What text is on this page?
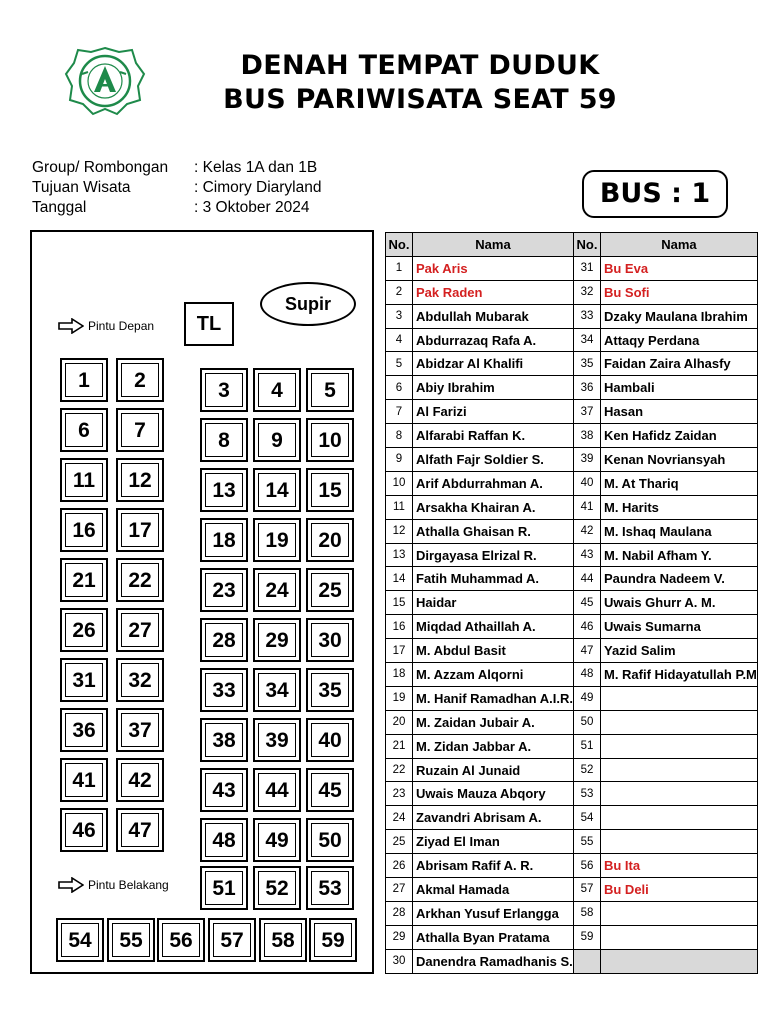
DENAH TEMPAT DUDUK
BUS PARIWISATA SEAT 59
Group/ Rombongan	: Kelas 1A dan 1B
Tujuan Wisata	: Cimory Diaryland
Tanggal	: 3 Oktober 2024	BUS : 1
Supir
TL
Pintu Depan
Pintu Belakang
1	2	3	4	5
6	7	8	9	10
11	12	13	14	15
16	17	18	19	20
21	22	23	24	25
26	27	28	29	30
31	32	33	34	35
36	37	38	39	40
41	42	43	44	45
46	47	48	49	50
51	52	53
54	55	56	57	58	59
No.	Nama	No.	Nama
1	Pak Aris	31	Bu Eva
2	Pak Raden	32	Bu Sofi
3	Abdullah Mubarak	33	Dzaky Maulana Ibrahim
4	Abdurrazaq Rafa A.	34	Attaqy Perdana
5	Abidzar Al Khalifi	35	Faidan Zaira Alhasfy
6	Abiy Ibrahim	36	Hambali
7	Al Farizi	37	Hasan
8	Alfarabi Raffan K.	38	Ken Hafidz Zaidan
9	Alfath Fajr Soldier S.	39	Kenan Novriansyah
10	Arif Abdurrahman A.	40	M. At Thariq
11	Arsakha Khairan A.	41	M. Harits
12	Athalla Ghaisan R.	42	M. Ishaq Maulana
13	Dirgayasa Elrizal R.	43	M. Nabil Afham Y.
14	Fatih Muhammad A.	44	Paundra Nadeem V.
15	Haidar	45	Uwais Ghurr A. M.
16	Miqdad Athaillah A.	46	Uwais Sumarna
17	M. Abdul Basit	47	Yazid Salim
18	M. Azzam Alqorni	48	M. Rafif Hidayatullah P.M
19	M. Hanif Ramadhan A.I.R.	49	
20	M. Zaidan Jubair A.	50	
21	M. Zidan Jabbar A.	51	
22	Ruzain Al Junaid	52	
23	Uwais Mauza Abqory	53	
24	Zavandri Abrisam A.	54	
25	Ziyad El Iman	55	
26	Abrisam Rafif A. R.	56	Bu Ita
27	Akmal Hamada	57	Bu Deli
28	Arkhan Yusuf Erlangga	58	
29	Athalla Byan Pratama	59	
30	Danendra Ramadhanis S.		
